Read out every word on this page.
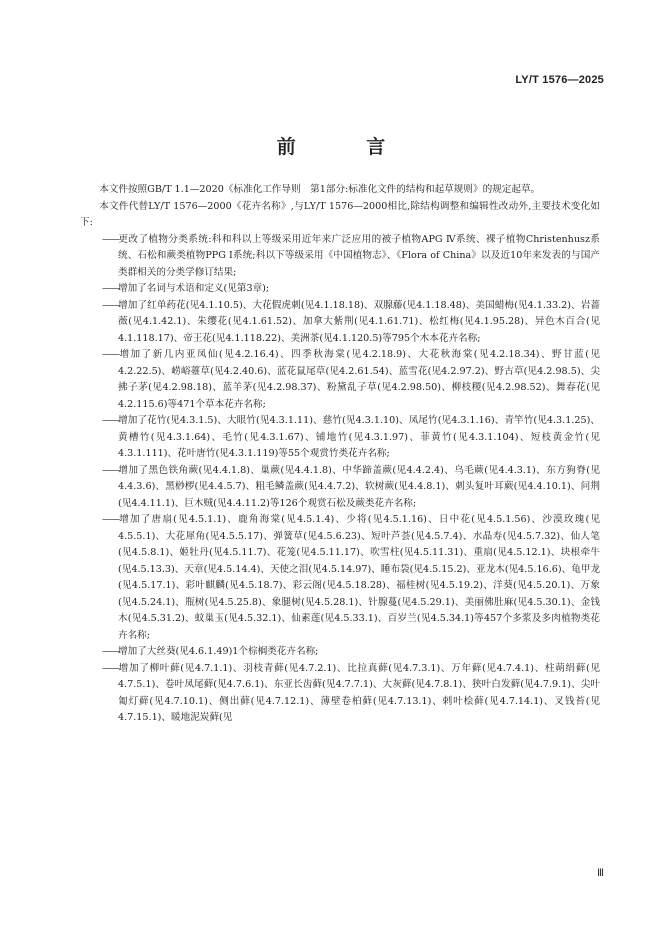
LY/T 1576—2025
前 言

本文件按照GB/T 1.1—2020《标准化工作导则　第1部分:标准化文件的结构和起草规则》的规定起草。

本文件代替LY/T 1576—2000《花卉名称》,与LY/T 1576—2000相比,除结构调整和编辑性改动外,主要技术变化如下:

——更改了植物分类系统:科和科以上等级采用近年来广泛应用的被子植物APG Ⅳ系统、裸子植物Christenhusz系统、石松和蕨类植物PPG Ⅰ系统;科以下等级采用《中国植物志》、《Flora of China》以及近10年来发表的与国产类群相关的分类学修订结果;

——增加了名词与术语和定义(见第3章);

——增加了红单药花(见4.1.10.5)、大花假虎刺(见4.1.18.18)、双腺藤(见4.1.18.48)、美国蜡梅(见4.1.33.2)、岩蔷薇(见4.1.42.1)、朱缨花(见4.1.61.52)、加拿大紫荆(见4.1.61.71)、松红梅(见4.1.95.28)、异色木百合(见4.1.118.17)、帝王花(见4.1.118.22)、美洲茶(见4.1.120.5)等795个木本花卉名称;

——增加了新几内亚凤仙(见4.2.16.4)、四季秋海棠(见4.2.18.9)、大花秋海棠(见4.2.18.34)、野甘蓝(见4.2.22.5)、崂峪薹草(见4.2.40.6)、蓝花鼠尾草(见4.2.61.54)、蓝雪花(见4.2.97.2)、野古草(见4.2.98.5)、尖拂子茅(见4.2.98.18)、蓝羊茅(见4.2.98.37)、粉黛乱子草(见4.2.98.50)、柳枝稷(见4.2.98.52)、舞春花(见4.2.115.6)等471个草本花卉名称;

——增加了花竹(见4.3.1.5)、大眼竹(见4.3.1.11)、慈竹(见4.3.1.10)、凤尾竹(见4.3.1.16)、青竿竹(见4.3.1.25)、黄槽竹(见4.3.1.64)、毛竹(见4.3.1.67)、铺地竹(见4.3.1.97)、菲黄竹(见4.3.1.104)、短枝黄金竹(见4.3.1.111)、花叶唐竹(见4.3.1.119)等55个观赏竹类花卉名称;

——增加了黑色铁角蕨(见4.4.1.8)、巢蕨(见4.4.1.8)、中华蹄盖蕨(见4.4.2.4)、乌毛蕨(见4.4.3.1)、东方狗脊(见4.4.3.6)、黑桫椤(见4.4.5.7)、粗毛鳞盖蕨(见4.4.7.2)、软树蕨(见4.4.8.1)、刺头复叶耳蕨(见4.4.10.1)、问荆(见4.4.11.1)、巨木贼(见4.4.11.2)等126个观赏石松及蕨类花卉名称;

——增加了唐扇(见4.5.1.1)、鹿角海棠(见4.5.1.4)、少将(见4.5.1.16)、日中花(见4.5.1.56)、沙漠玫瑰(见4.5.5.1)、大花犀角(见4.5.5.17)、弹簧草(见4.5.6.23)、短叶芦荟(见4.5.7.4)、水晶寿(见4.5.7.32)、仙人笔(见4.5.8.1)、姬牡丹(见4.5.11.7)、花笼(见4.5.11.17)、吹雪柱(见4.5.11.31)、重扇(见4.5.12.1)、块根牵牛(见4.5.13.3)、天章(见4.5.14.4)、天使之泪(见4.5.14.97)、睡布袋(见4.5.15.2)、亚龙木(见4.5.16.6)、龟甲龙(见4.5.17.1)、彩叶麒麟(见4.5.18.7)、彩云阁(见4.5.18.28)、福桂树(见4.5.19.2)、洋葵(见4.5.20.1)、万象(见4.5.24.1)、瓶树(见4.5.25.8)、象腿树(见4.5.28.1)、针腺蔓(见4.5.29.1)、美丽佛肚麻(见4.5.30.1)、金钱木(见4.5.31.2)、蚊巢玉(见4.5.32.1)、仙素莲(见4.5.33.1)、百岁兰(见4.5.34.1)等457个多浆及多肉植物类花卉名称;

——增加了大丝葵(见4.6.1.49)1个棕榈类花卉名称;

——增加了柳叶藓(见4.7.1.1)、羽枝青藓(见4.7.2.1)、比拉真藓(见4.7.3.1)、万年藓(见4.7.4.1)、柱蒴绢藓(见4.7.5.1)、卷叶凤尾藓(见4.7.6.1)、东亚长齿藓(见4.7.7.1)、大灰藓(见4.7.8.1)、狭叶白发藓(见4.7.9.1)、尖叶匍灯藓(见4.7.10.1)、侧出藓(见4.7.12.1)、薄壁卷柏藓(见4.7.13.1)、剌叶桧藓(见4.7.14.1)、叉钱苔(见4.7.15.1)、暖地泥炭藓(见

Ⅲ
